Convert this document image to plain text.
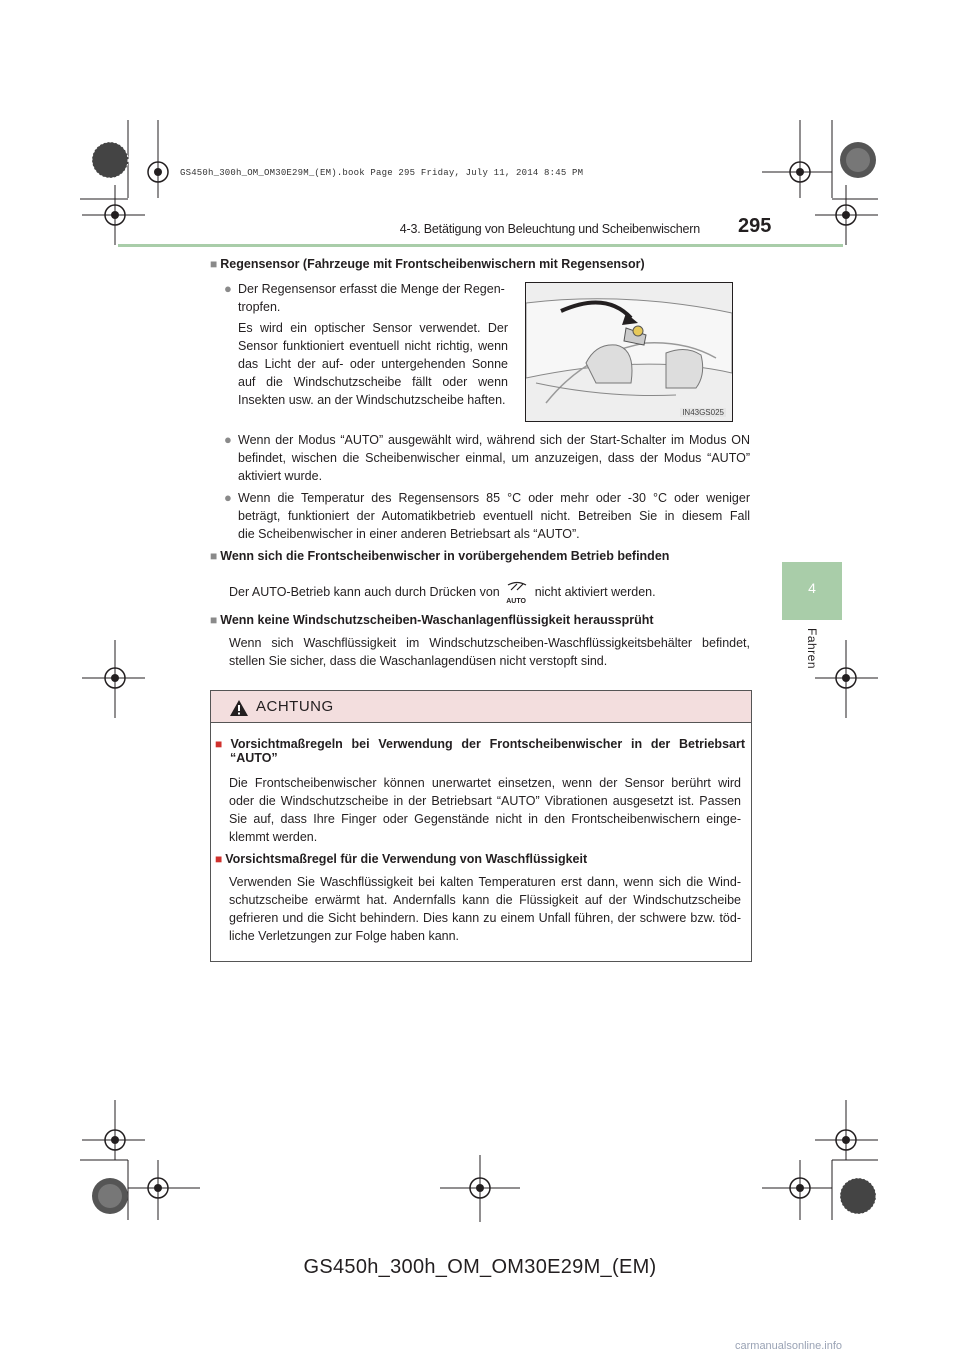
GS450h_300h_OM_OM30E29M_(EM).book Page 295 Friday, July 11, 2014 8:45 PM
4-3. Betätigung von Beleuchtung und Scheibenwischern 295
4
Fahren
■ Regensensor (Fahrzeuge mit Frontscheibenwischern mit Regensensor)
● Der Regensensor erfasst die Menge der Regen-
tropfen.
Es wird ein optischer Sensor verwendet. Der
Sensor funktioniert eventuell nicht richtig, wenn
das Licht der auf- oder untergehenden Sonne
auf die Windschutzscheibe fällt oder wenn
Insekten usw. an der Windschutzscheibe haften.
IN43GS025
● Wenn der Modus “AUTO” ausgewählt wird, während sich der Start-Schalter im Modus ON
befindet, wischen die Scheibenwischer einmal, um anzuzeigen, dass der Modus “AUTO”
aktiviert wurde.
● Wenn die Temperatur des Regensensors 85 °C oder mehr oder -30 °C oder weniger
beträgt, funktioniert der Automatikbetrieb eventuell nicht. Betreiben Sie in diesem Fall
die Scheibenwischer in einer anderen Betriebsart als “AUTO”.
■ Wenn sich die Frontscheibenwischer in vorübergehendem Betrieb befinden
Der AUTO-Betrieb kann auch durch Drücken von
AUTO
nicht aktiviert werden.
■ Wenn keine Windschutzscheiben-Waschanlagenflüssigkeit heraussprüht
Wenn sich Waschflüssigkeit im Windschutzscheiben-Waschflüssigkeitsbehälter befindet,
stellen Sie sicher, dass die Waschanlagendüsen nicht verstopft sind.
ACHTUNG
■ Vorsichtmaßregeln bei Verwendung der Frontscheibenwischer in der Betriebsart
“AUTO”
Die Frontscheibenwischer können unerwartet einsetzen, wenn der Sensor berührt wird
oder die Windschutzscheibe in der Betriebsart “AUTO” Vibrationen ausgesetzt ist. Passen
Sie auf, dass Ihre Finger oder Gegenstände nicht in den Frontscheibenwischern einge-
klemmt werden.
■ Vorsichtsmaßregel für die Verwendung von Waschflüssigkeit
Verwenden Sie Waschflüssigkeit bei kalten Temperaturen erst dann, wenn sich die Wind-
schutzscheibe erwärmt hat. Andernfalls kann die Flüssigkeit auf der Windschutzscheibe
gefrieren und die Sicht behindern. Dies kann zu einem Unfall führen, der schwere bzw. töd-
liche Verletzungen zur Folge haben kann.
GS450h_300h_OM_OM30E29M_(EM)
carmanualsonline.info
